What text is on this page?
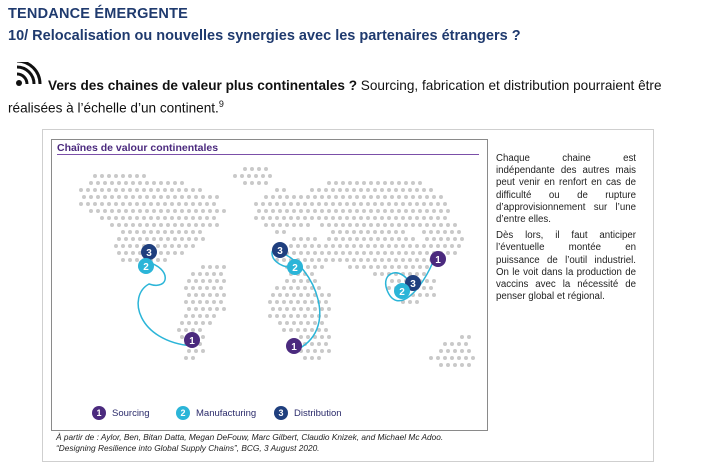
TENDANCE ÉMERGENTE
10/ Relocalisation ou nouvelles synergies avec les partenaires étrangers ?
Vers des chaines de valeur plus continentales ? Sourcing, fabrication et distribution pourraient être réalisées à l’échelle d’un continent.$^9$
Chaînes de valour continentales
3
2
1
3
2
1
1
3
2
1	Sourcing	2	Manufacturing	3	Distribution

Chaque chaine est indépendante des autres mais peut venir en renfort en cas de difficulté ou de rupture d’approvisionnement sur l’une d’entre elles.

Dès lors, il faut anticiper l’éventuelle montée en puissance de l’outil industriel. On le voit dans la production de vaccins avec la nécessité de penser global et régional.

À partir de : Aylor, Ben, Bitan Datta, Megan DeFouw, Marc Gilbert, Claudio Knizek, and Michael Mc Adoo. “Designing Resilience into Global Supply Chains”, BCG, 3 August 2020.
